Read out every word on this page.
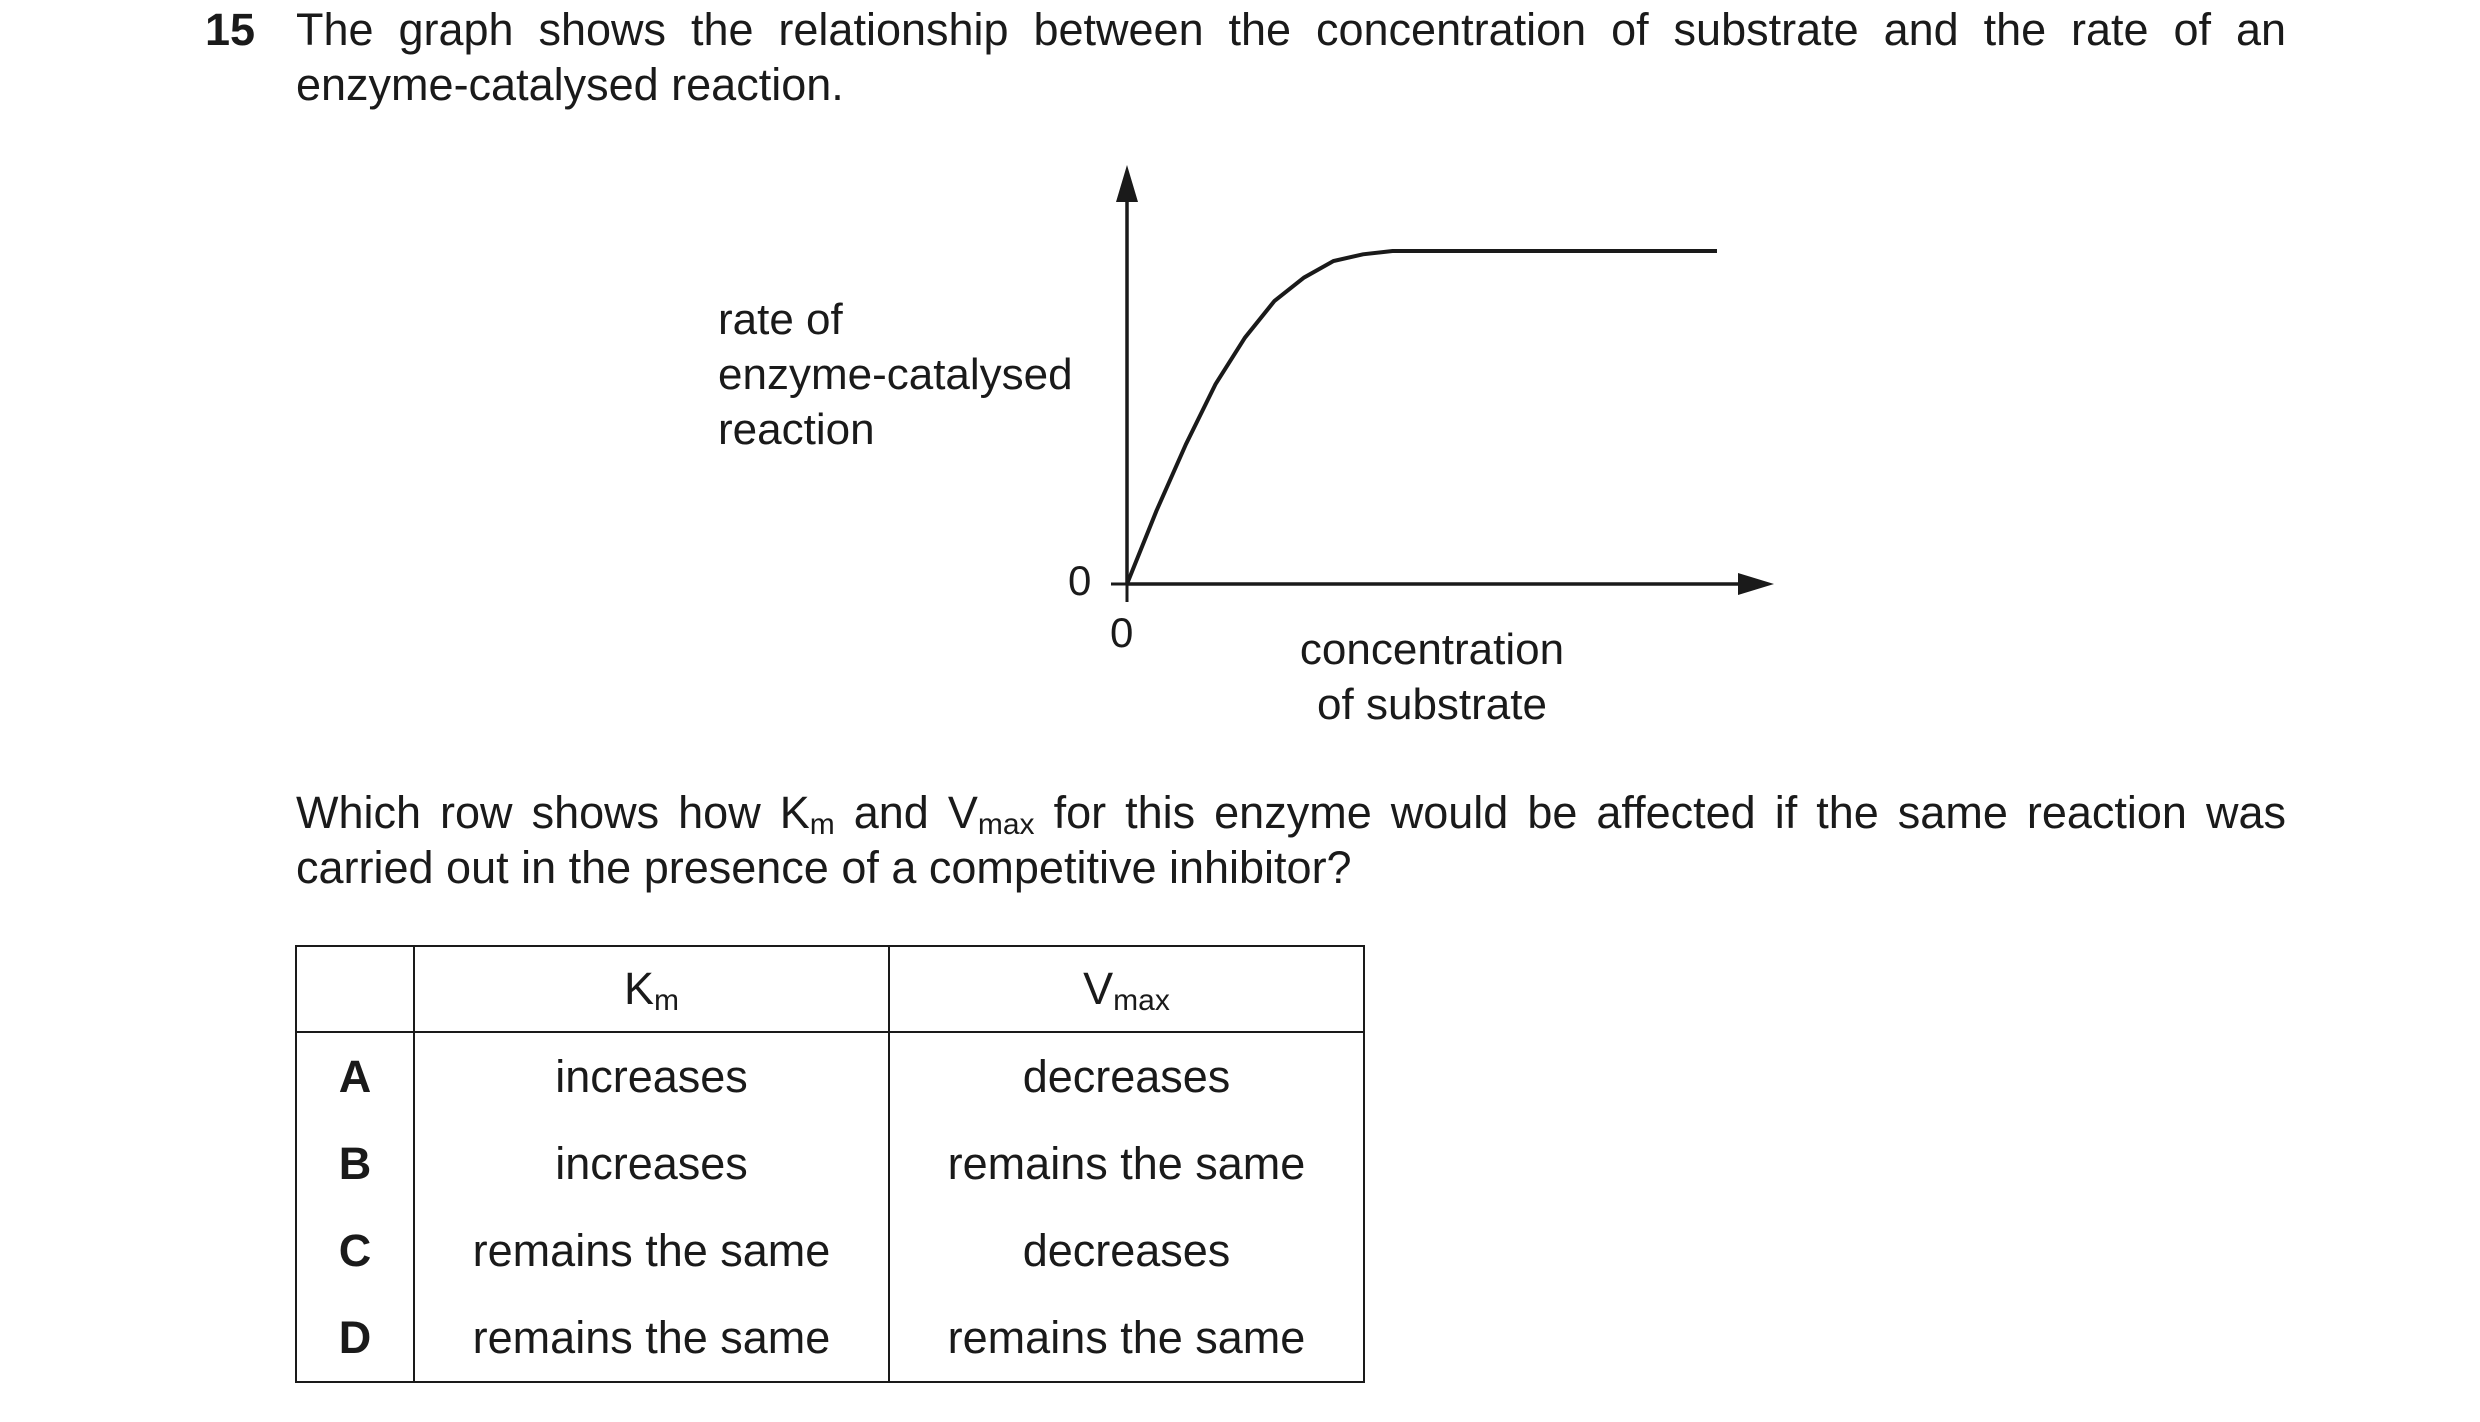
15 The graph shows the relationship between the concentration of substrate and the rate of an enzyme-catalysed reaction.
rate of
enzyme-catalysed
reaction
0
0	concentration
of substrate
Which row shows how $K_m$ and $V_{max}$ for this enzyme would be affected if the same reaction was carried out in the presence of a competitive inhibitor?
	$K_m$	$V_{max}$
A	increases	decreases
B	increases	remains the same
C	remains the same	decreases
D	remains the same	remains the same
